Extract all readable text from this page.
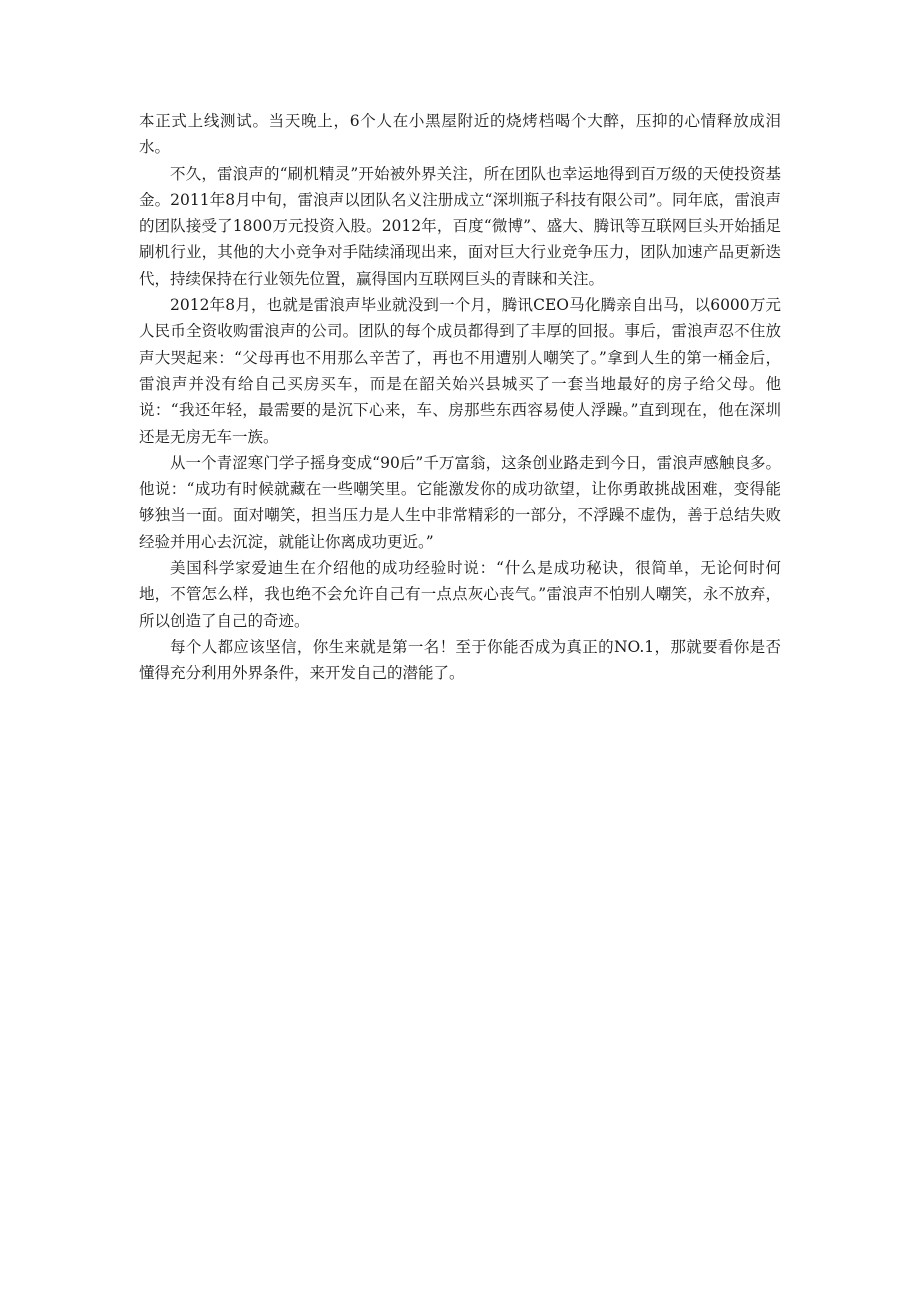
本正式上线测试。当天晚上，6个人在小黑屋附近的烧烤档喝个大醉，压抑的心情释放成泪水。

不久，雷浪声的“刷机精灵”开始被外界关注，所在团队也幸运地得到百万级的天使投资基金。2011年8月中旬，雷浪声以团队名义注册成立“深圳瓶子科技有限公司”。同年底，雷浪声的团队接受了1800万元投资入股。2012年，百度“微博”、盛大、腾讯等互联网巨头开始插足刷机行业，其他的大小竞争对手陆续涌现出来，面对巨大行业竞争压力，团队加速产品更新迭代，持续保持在行业领先位置，赢得国内互联网巨头的青睐和关注。

2012年8月，也就是雷浪声毕业就没到一个月，腾讯CEO马化腾亲自出马，以6000万元人民币全资收购雷浪声的公司。团队的每个成员都得到了丰厚的回报。事后，雷浪声忍不住放声大哭起来：“父母再也不用那么辛苦了，再也不用遭别人嘲笑了。”拿到人生的第一桶金后，雷浪声并没有给自己买房买车，而是在韶关始兴县城买了一套当地最好的房子给父母。他说：“我还年轻，最需要的是沉下心来，车、房那些东西容易使人浮躁。”直到现在，他在深圳还是无房无车一族。

从一个青涩寒门学子摇身变成“90后”千万富翁，这条创业路走到今日，雷浪声感触良多。他说：“成功有时候就藏在一些嘲笑里。它能激发你的成功欲望，让你勇敢挑战困难，变得能够独当一面。面对嘲笑，担当压力是人生中非常精彩的一部分，不浮躁不虚伪，善于总结失败经验并用心去沉淀，就能让你离成功更近。”

美国科学家爱迪生在介绍他的成功经验时说：“什么是成功秘诀，很简单，无论何时何地，不管怎么样，我也绝不会允许自己有一点点灰心丧气。”雷浪声不怕别人嘲笑，永不放弃，所以创造了自己的奇迹。

每个人都应该坚信，你生来就是第一名！至于你能否成为真正的NO.1，那就要看你是否懂得充分利用外界条件，来开发自己的潜能了。
